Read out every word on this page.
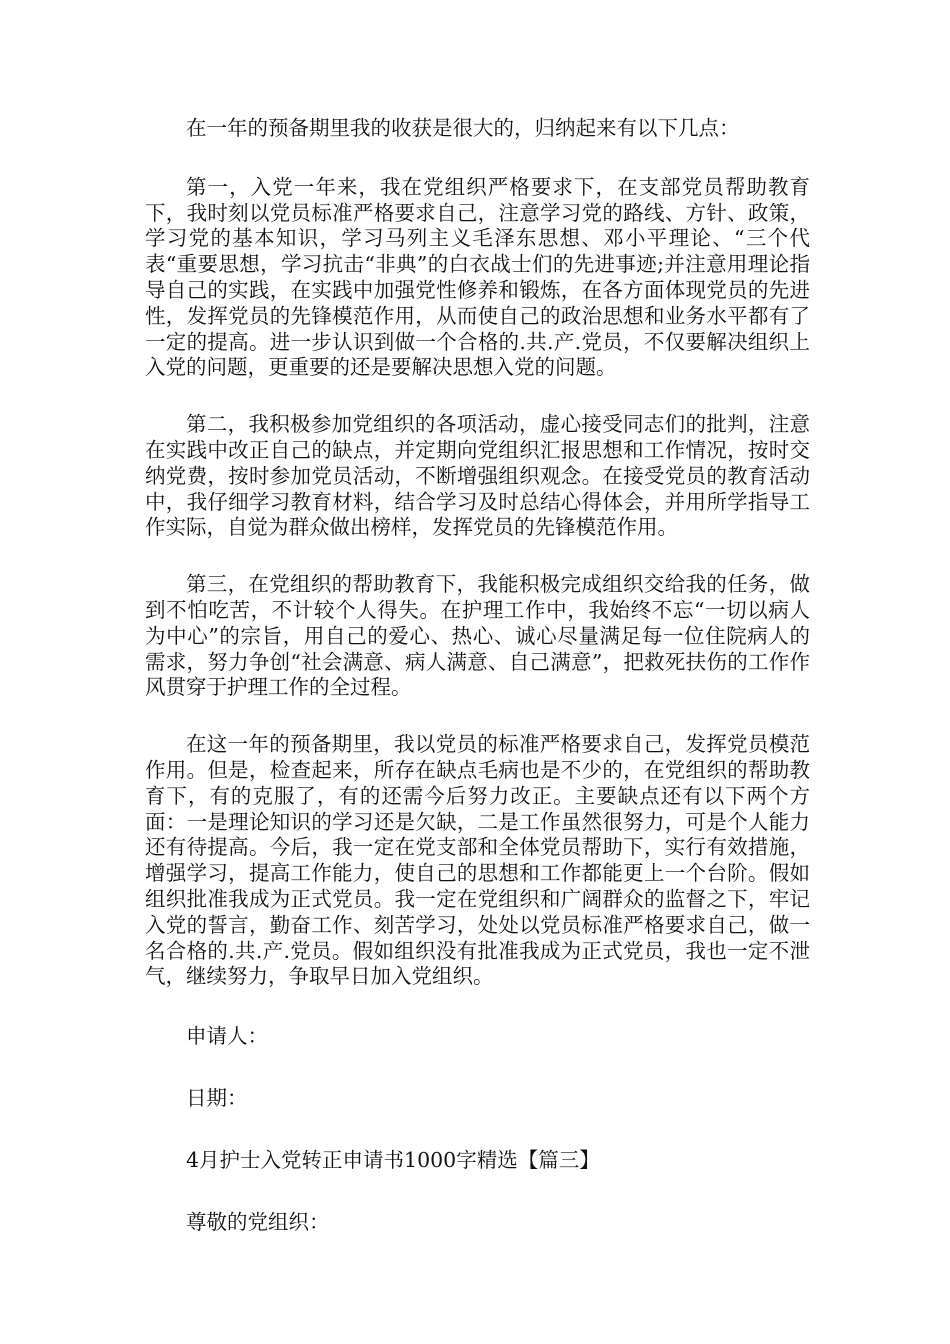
在一年的预备期里我的收获是很大的，归纳起来有以下几点：

第一，入党一年来，我在党组织严格要求下，在支部党员帮助教育下，我时刻以党员标准严格要求自己，注意学习党的路线、方针、政策，学习党的基本知识，学习马列主义毛泽东思想、邓小平理论、“三个代表“重要思想，学习抗击“非典”的白衣战士们的先进事迹;并注意用理论指导自己的实践，在实践中加强党性修养和锻炼，在各方面体现党员的先进性，发挥党员的先锋模范作用，从而使自己的政治思想和业务水平都有了一定的提高。进一步认识到做一个合格的.共.产.党员，不仅要解决组织上入党的问题，更重要的还是要解决思想入党的问题。

第二，我积极参加党组织的各项活动，虚心接受同志们的批判，注意在实践中改正自己的缺点，并定期向党组织汇报思想和工作情况，按时交纳党费，按时参加党员活动，不断增强组织观念。在接受党员的教育活动中，我仔细学习教育材料，结合学习及时总结心得体会，并用所学指导工作实际，自觉为群众做出榜样，发挥党员的先锋模范作用。

第三，在党组织的帮助教育下，我能积极完成组织交给我的任务，做到不怕吃苦，不计较个人得失。在护理工作中，我始终不忘“一切以病人为中心”的宗旨，用自己的爱心、热心、诚心尽量满足每一位住院病人的需求，努力争创“社会满意、病人满意、自己满意”，把救死扶伤的工作作风贯穿于护理工作的全过程。

在这一年的预备期里，我以党员的标准严格要求自己，发挥党员模范作用。但是，检查起来，所存在缺点毛病也是不少的，在党组织的帮助教育下，有的克服了，有的还需今后努力改正。主要缺点还有以下两个方面：一是理论知识的学习还是欠缺，二是工作虽然很努力，可是个人能力还有待提高。今后，我一定在党支部和全体党员帮助下，实行有效措施，增强学习，提高工作能力，使自己的思想和工作都能更上一个台阶。假如组织批准我成为正式党员。我一定在党组织和广阔群众的监督之下，牢记入党的誓言，勤奋工作、刻苦学习，处处以党员标准严格要求自己，做一名合格的.共.产.党员。假如组织没有批准我成为正式党员，我也一定不泄气，继续努力，争取早日加入党组织。

申请人：

日期：

4月护士入党转正申请书1000字精选【篇三】

尊敬的党组织：
